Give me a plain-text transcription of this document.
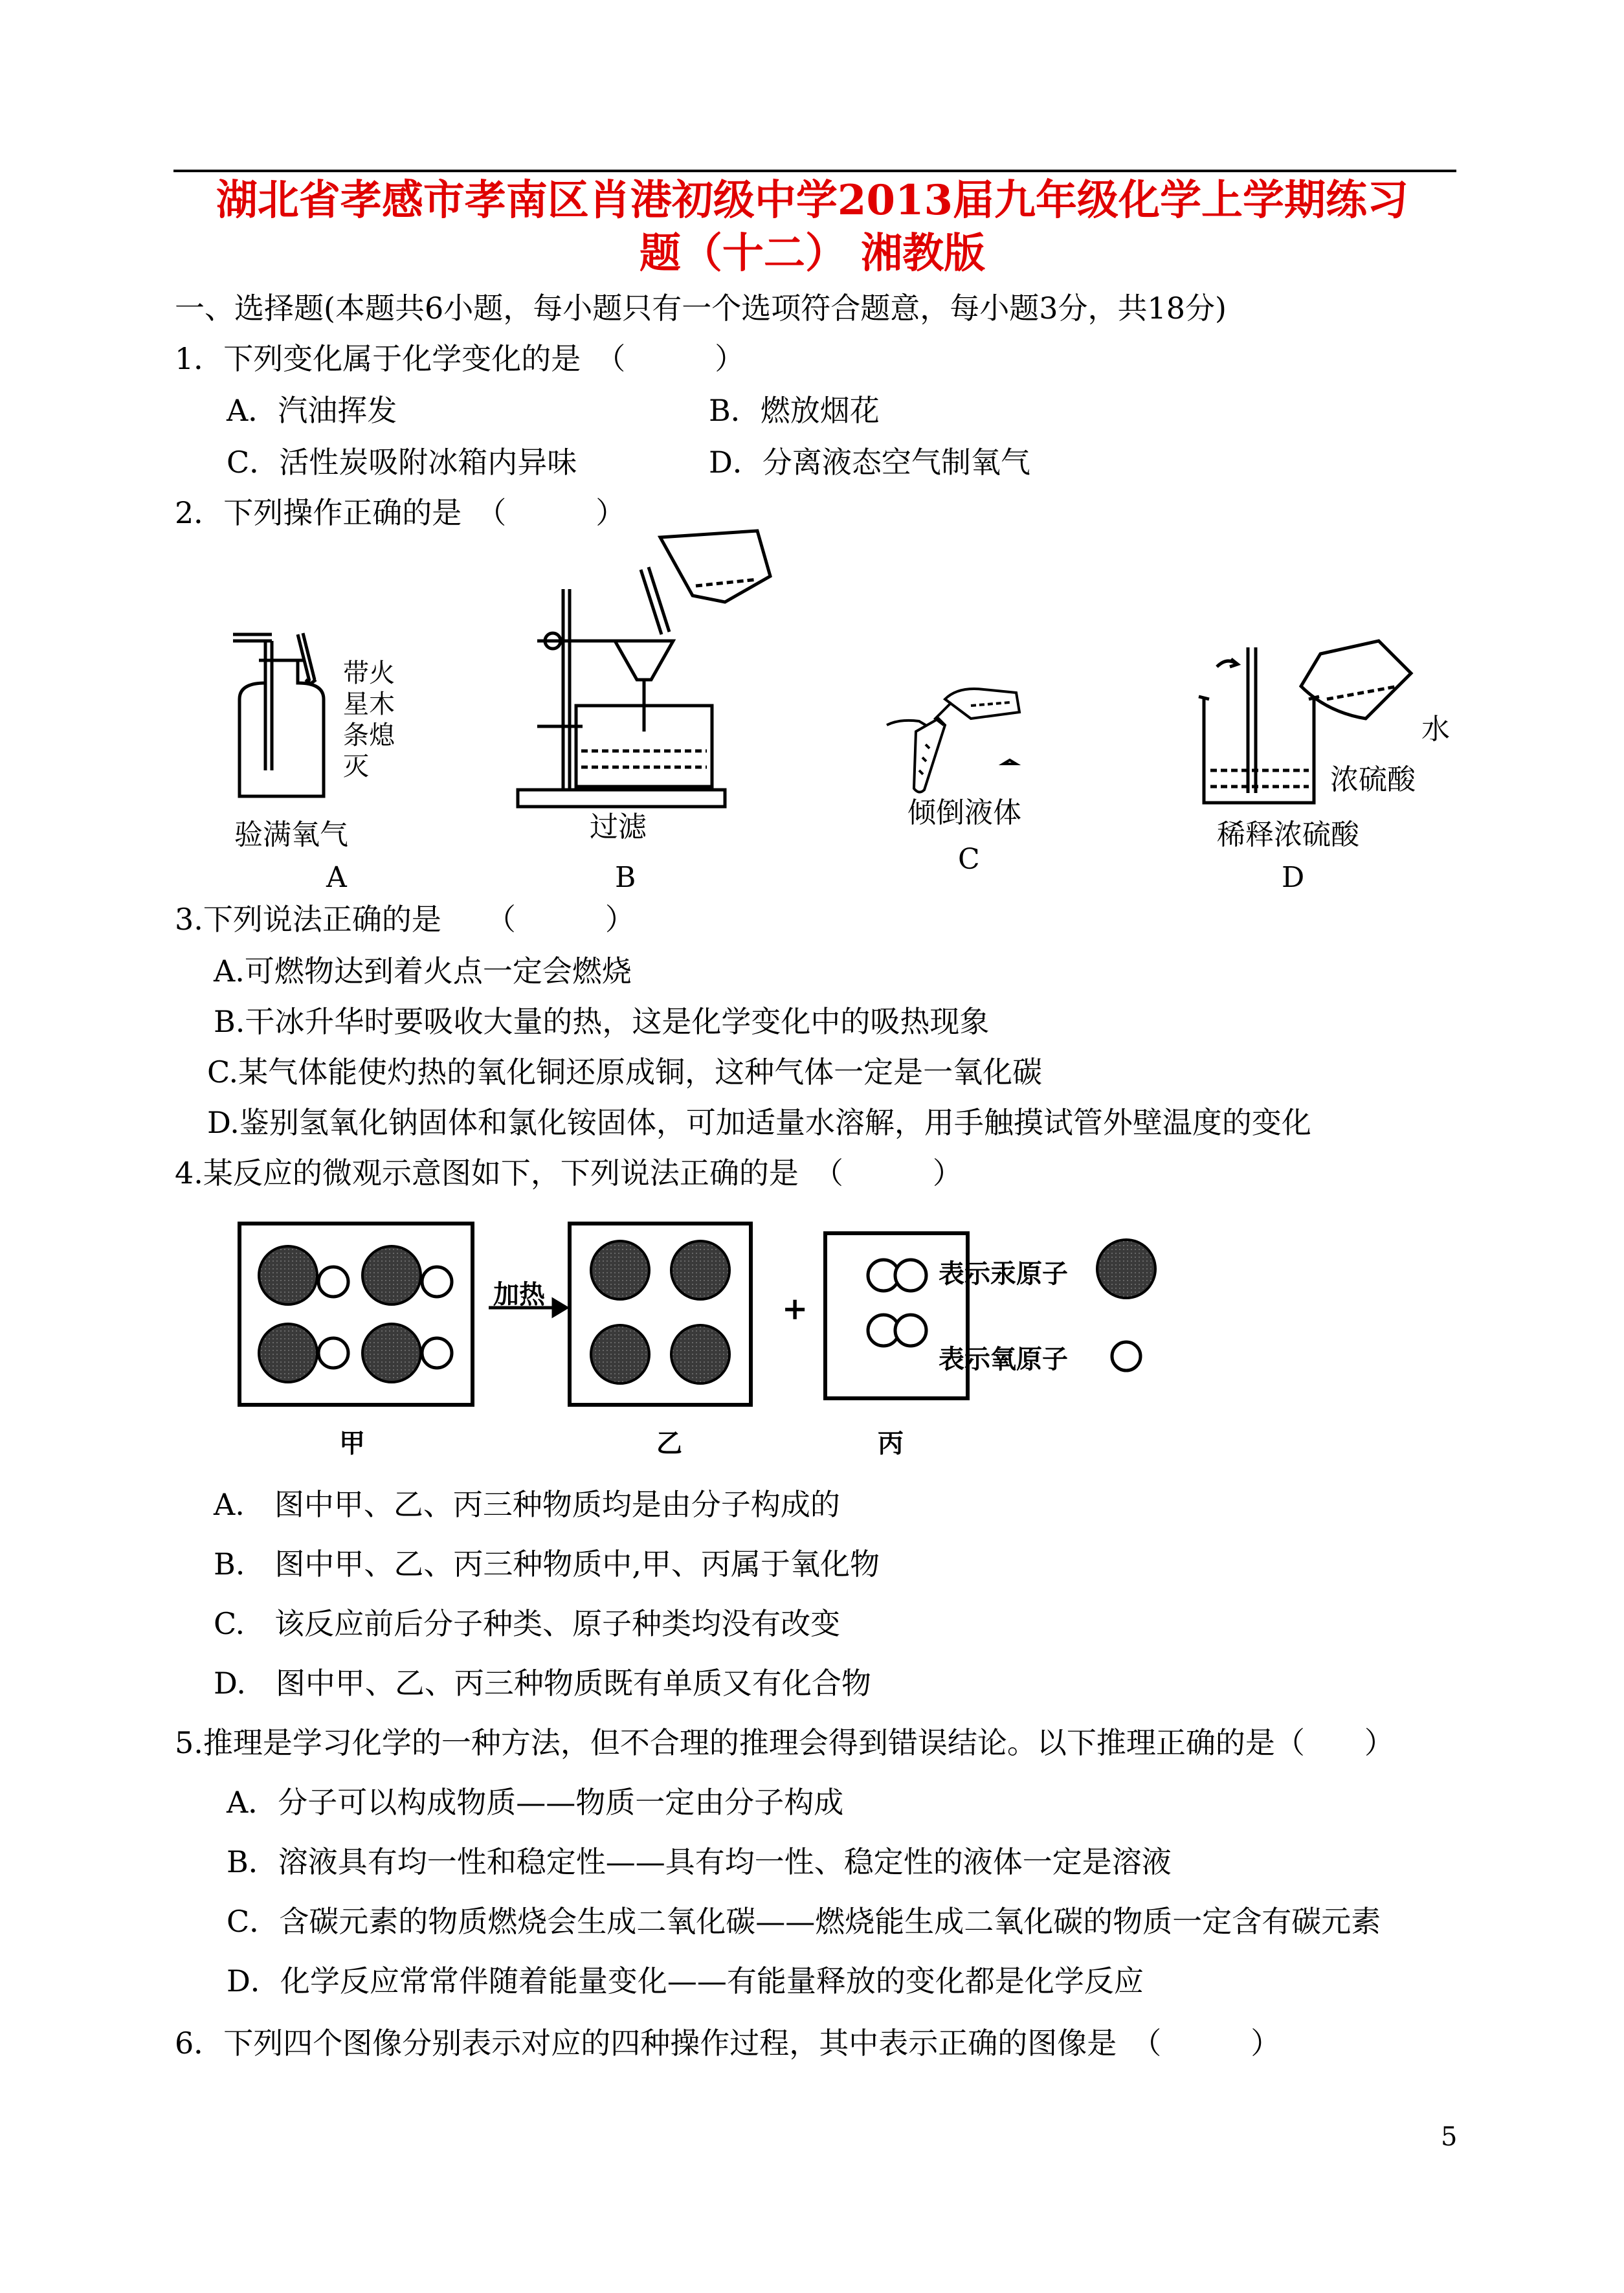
湖北省孝感市孝南区肖港初级中学2013届九年级化学上学期练习
题（十二） 湘教版
一、选择题(本题共6小题，每小题只有一个选项符合题意，每小题3分，共18分)
1．下列变化属于化学变化的是　（　　　）
A．汽油挥发	B．燃放烟花
C．活性炭吸附冰箱内异味	D．分离液态空气制氧气
2．下列操作正确的是　（　　　）
带火
星木
条熄
灭
验满氧气
A
过滤
B
倾倒液体
C
水
浓硫酸
稀释浓硫酸
D
3.下列说法正确的是　　（　　　）
A.可燃物达到着火点一定会燃烧
B.干冰升华时要吸收大量的热，这是化学变化中的吸热现象
C.某气体能使灼热的氧化铜还原成铜，这种气体一定是一氧化碳
D.鉴别氢氧化钠固体和氯化铵固体，可加适量水溶解，用手触摸试管外壁温度的变化
4.某反应的微观示意图如下，下列说法正确的是　（　　　）
加热	+
表示汞原子
表示氧原子
甲	乙	丙
A.　图中甲、乙、丙三种物质均是由分子构成的
B.　图中甲、乙、丙三种物质中,甲、丙属于氧化物
C.　该反应前后分子种类、原子种类均没有改变
D.　图中甲、乙、丙三种物质既有单质又有化合物
5.推理是学习化学的一种方法，但不合理的推理会得到错误结论。以下推理正确的是（　　）
A．分子可以构成物质——物质一定由分子构成
B．溶液具有均一性和稳定性——具有均一性、稳定性的液体一定是溶液
C．含碳元素的物质燃烧会生成二氧化碳——燃烧能生成二氧化碳的物质一定含有碳元素
D．化学反应常常伴随着能量变化——有能量释放的变化都是化学反应
6．下列四个图像分别表示对应的四种操作过程，其中表示正确的图像是　（　　　）
5
